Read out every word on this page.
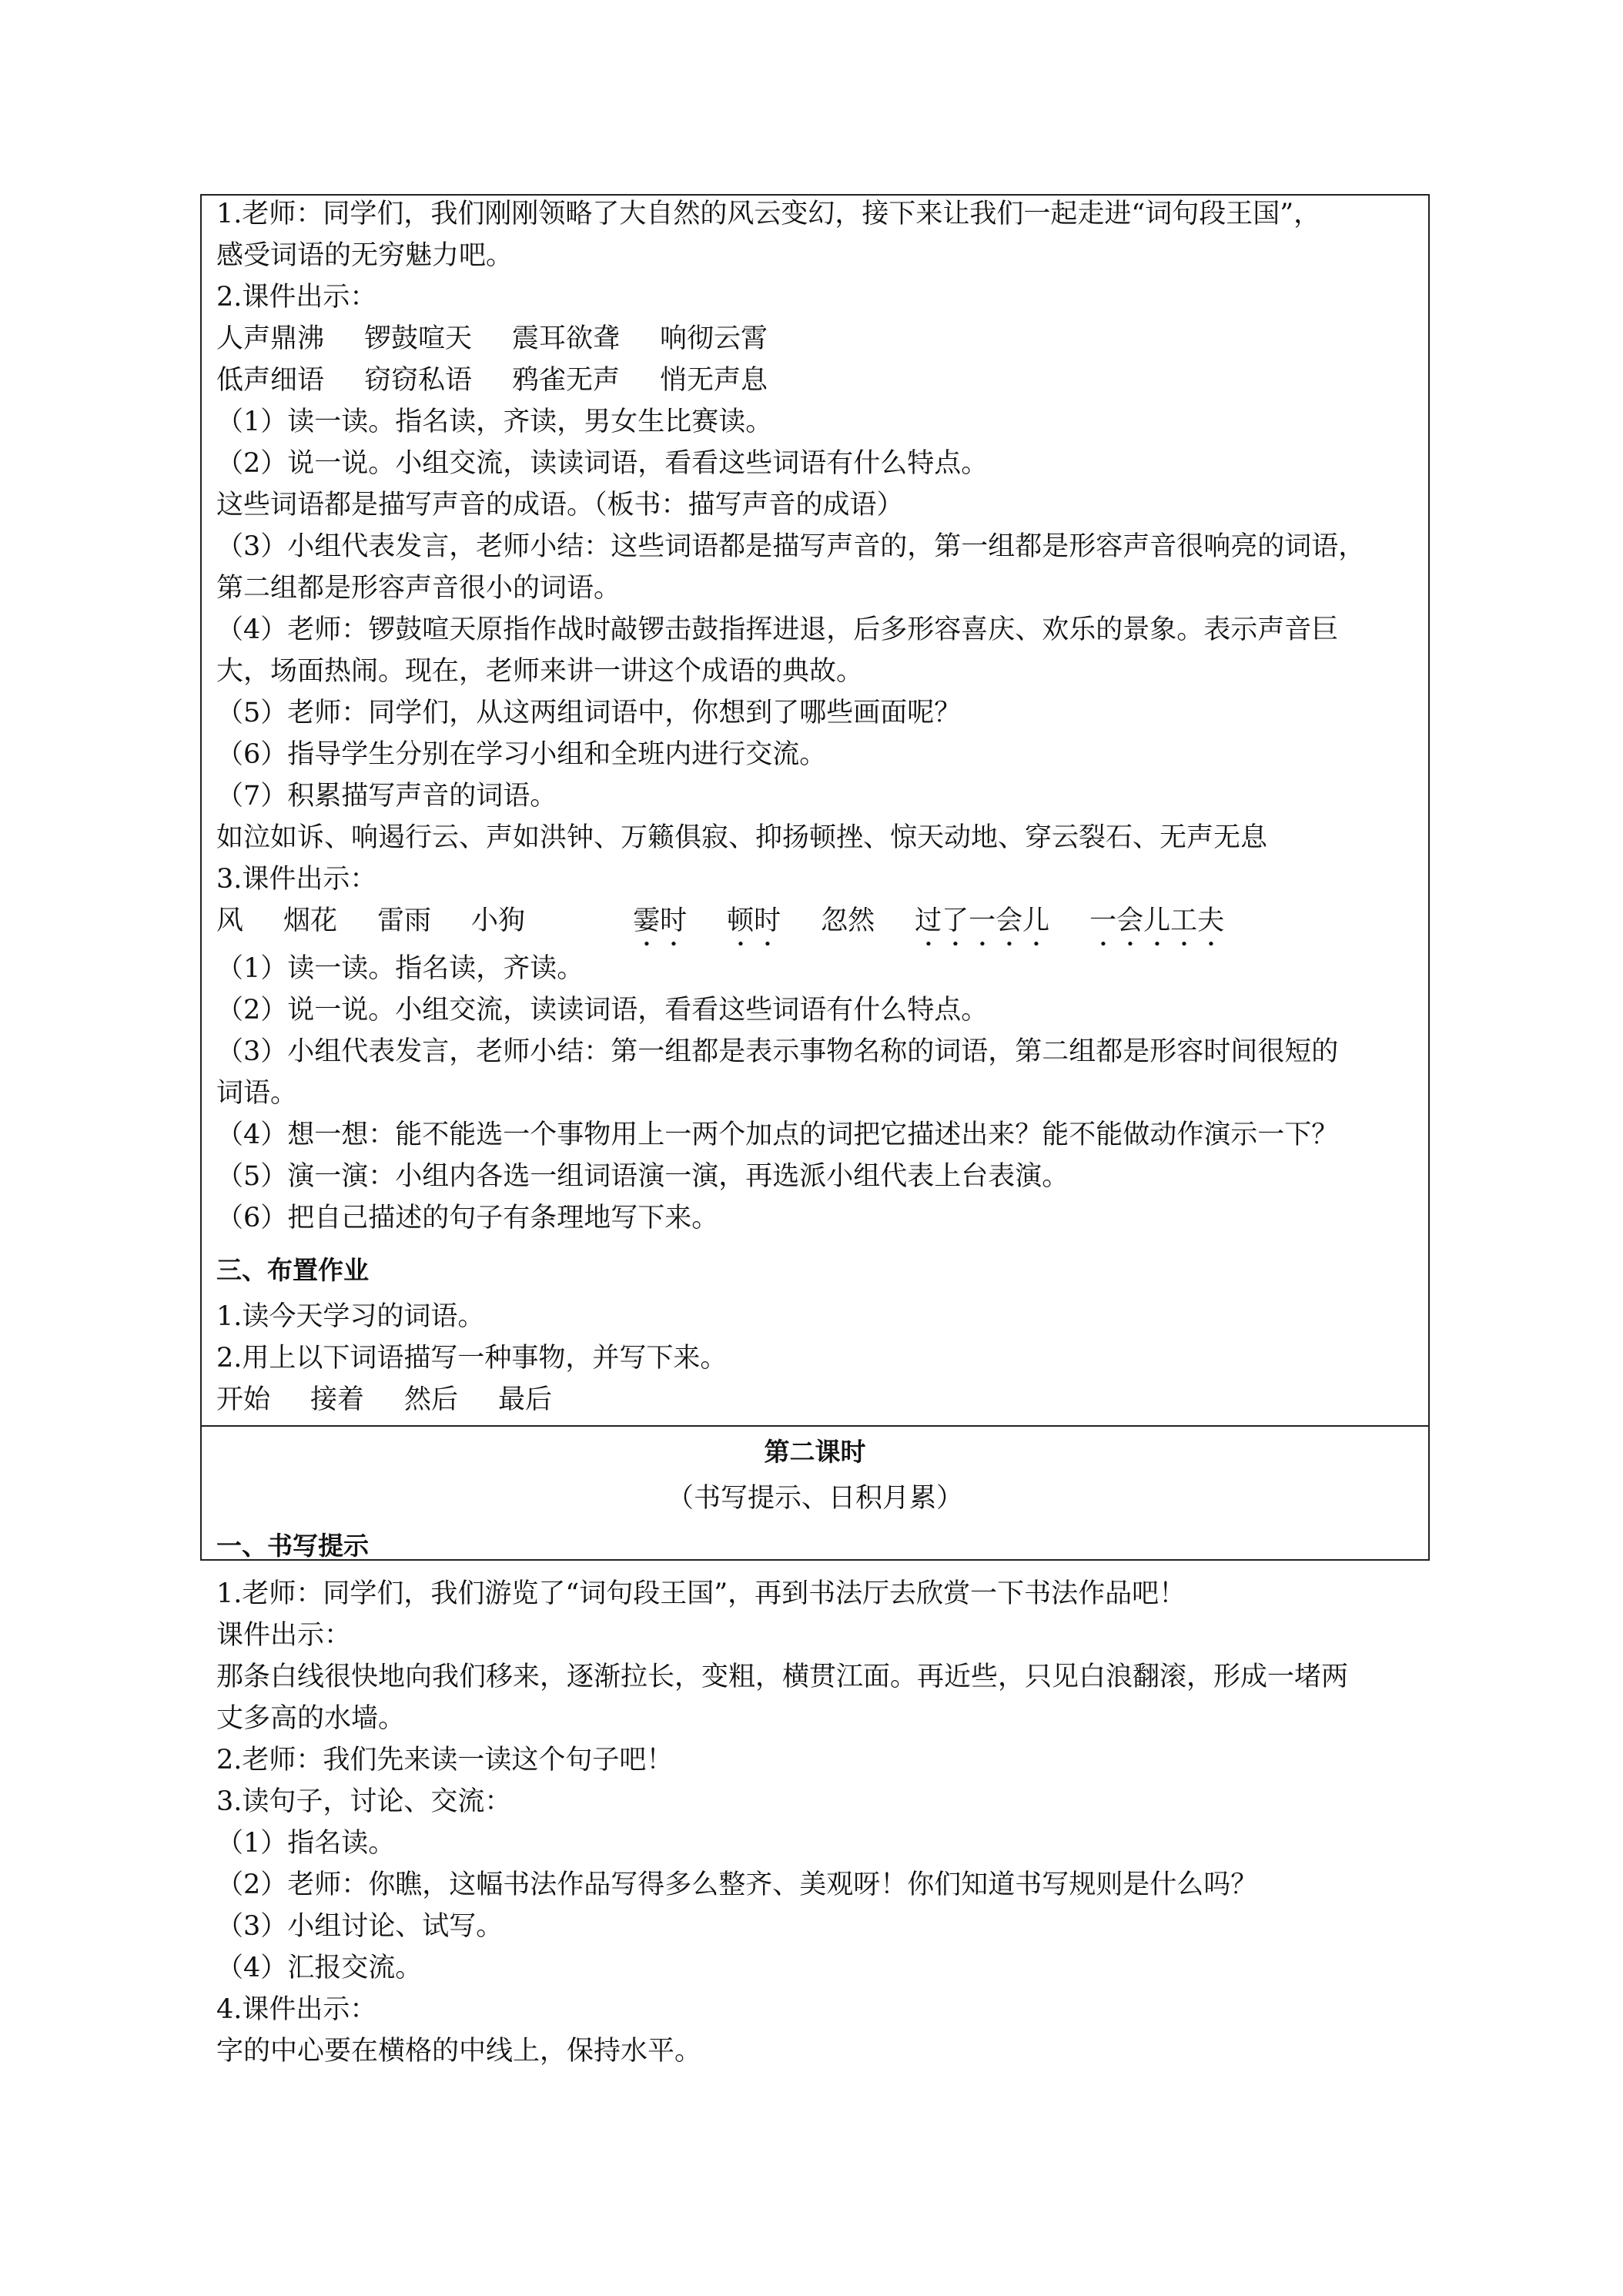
1.老师：同学们，我们刚刚领略了大自然的风云变幻，接下来让我们一起走进“词句段王国”，
感受词语的无穷魅力吧。
2.课件出示：
人声鼎沸 锣鼓喧天 震耳欲聋 响彻云霄
低声细语 窃窃私语 鸦雀无声 悄无声息
（1）读一读。指名读，齐读，男女生比赛读。
（2）说一说。小组交流，读读词语，看看这些词语有什么特点。
这些词语都是描写声音的成语。（板书：描写声音的成语）
（3）小组代表发言，老师小结：这些词语都是描写声音的，第一组都是形容声音很响亮的词语，
第二组都是形容声音很小的词语。
（4）老师：锣鼓喧天原指作战时敲锣击鼓指挥进退，后多形容喜庆、欢乐的景象。表示声音巨
大，场面热闹。现在，老师来讲一讲这个成语的典故。
（5）老师：同学们，从这两组词语中，你想到了哪些画面呢？
（6）指导学生分别在学习小组和全班内进行交流。
（7）积累描写声音的词语。
如泣如诉、响遏行云、声如洪钟、万籁俱寂、抑扬顿挫、惊天动地、穿云裂石、无声无息
3.课件出示：
风 烟花 雷雨 小狗	霎时 顿时 忽然 过了一会儿 一会儿工夫
（1）读一读。指名读，齐读。
（2）说一说。小组交流，读读词语，看看这些词语有什么特点。
（3）小组代表发言，老师小结：第一组都是表示事物名称的词语，第二组都是形容时间很短的
词语。
（4）想一想：能不能选一个事物用上一两个加点的词把它描述出来？能不能做动作演示一下？
（5）演一演：小组内各选一组词语演一演，再选派小组代表上台表演。
（6）把自己描述的句子有条理地写下来。
三、布置作业
1.读今天学习的词语。
2.用上以下词语描写一种事物，并写下来。
开始 接着 然后 最后
第二课时
（书写提示、日积月累）
一、书写提示
1.老师：同学们，我们游览了“词句段王国”，再到书法厅去欣赏一下书法作品吧！
课件出示：
那条白线很快地向我们移来，逐渐拉长，变粗，横贯江面。再近些，只见白浪翻滚，形成一堵两
丈多高的水墙。
2.老师：我们先来读一读这个句子吧！
3.读句子，讨论、交流：
（1）指名读。
（2）老师：你瞧，这幅书法作品写得多么整齐、美观呀！你们知道书写规则是什么吗？
（3）小组讨论、试写。
（4）汇报交流。
4.课件出示：
字的中心要在横格的中线上，保持水平。
